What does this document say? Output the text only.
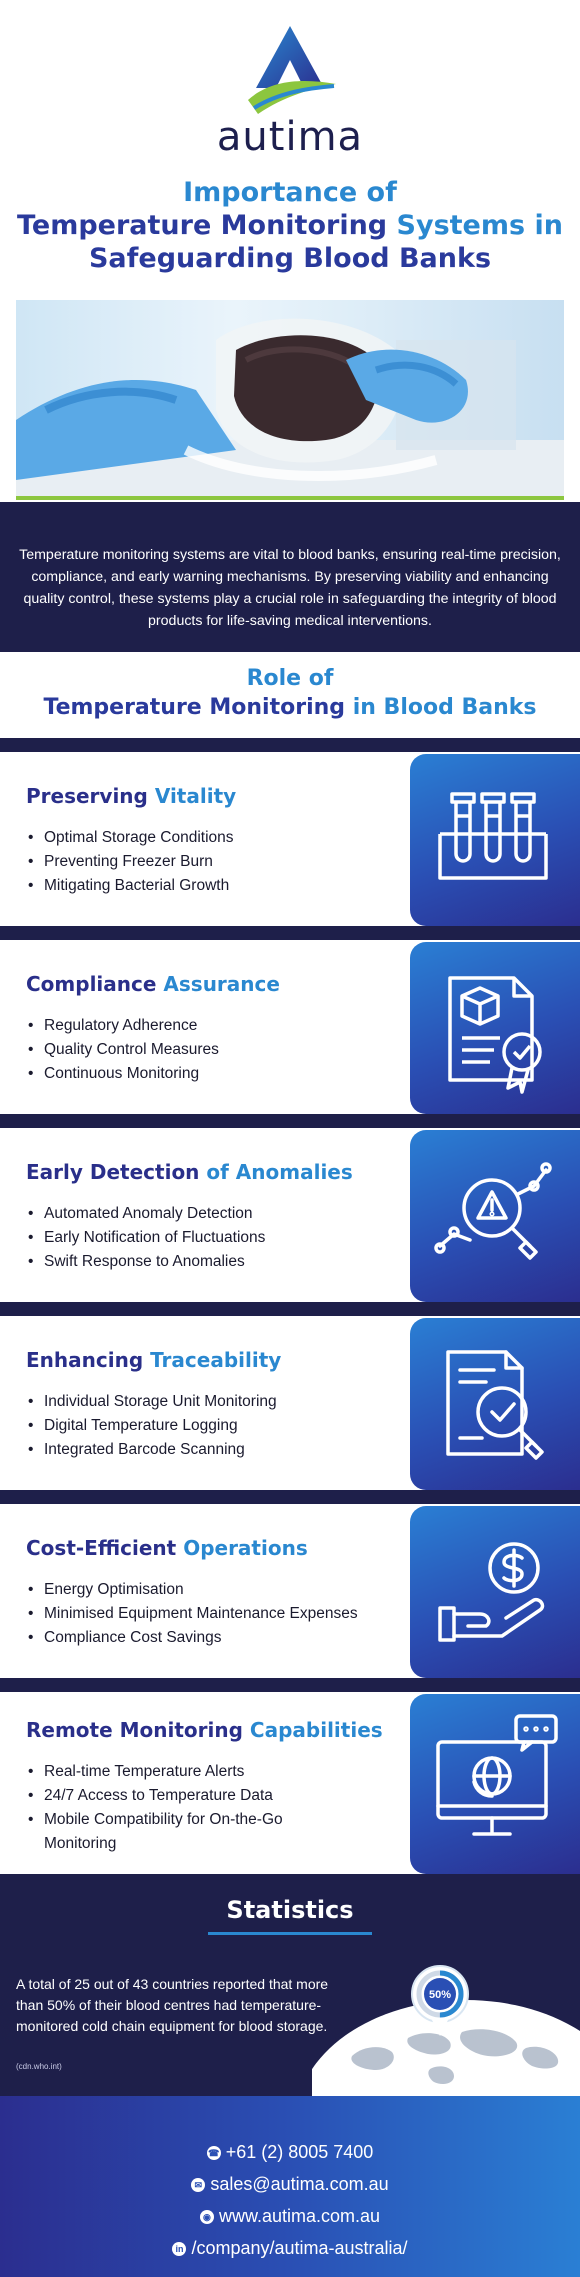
autima
Importance of
Temperature Monitoring Systems in
Safeguarding Blood Banks

Temperature monitoring systems are vital to blood banks, ensuring real-time precision, compliance, and early warning mechanisms. By preserving viability and enhancing quality control, these systems play a crucial role in safeguarding the integrity of blood products for life-saving medical interventions.

Role of
Temperature Monitoring in Blood Banks
Preserving Vitality
• Optimal Storage Conditions
• Preventing Freezer Burn
• Mitigating Bacterial Growth
Compliance Assurance
• Regulatory Adherence
• Quality Control Measures
• Continuous Monitoring
Early Detection of Anomalies
• Automated Anomaly Detection
• Early Notification of Fluctuations
• Swift Response to Anomalies
Enhancing Traceability
• Individual Storage Unit Monitoring
• Digital Temperature Logging
• Integrated Barcode Scanning
Cost-Efficient Operations
• Energy Optimisation
• Minimised Equipment Maintenance Expenses
• Compliance Cost Savings
Remote Monitoring Capabilities
• Real-time Temperature Alerts
• 24/7 Access to Temperature Data
• Mobile Compatibility for On-the-Go Monitoring
Statistics

A total of 25 out of 43 countries reported that more than 50% of their blood centres had temperature-monitored cold chain equipment for blood storage.

(cdn.who.int)
50%
☎ +61 (2) 8005 7400
✉ sales@autima.com.au
◉ www.autima.com.au
in /company/autima-australia/
